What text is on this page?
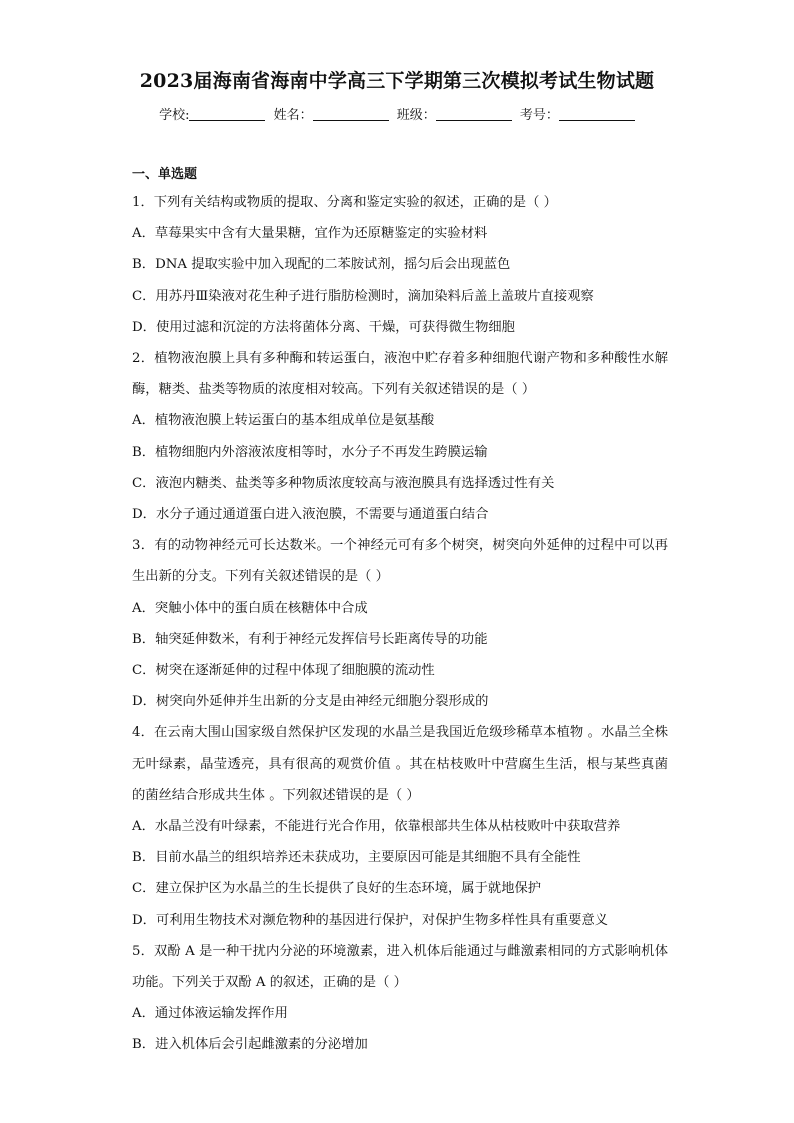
2023届海南省海南中学高三下学期第三次模拟考试生物试题
学校:	姓名：	班级：	考号：
一、单选题

1．下列有关结构或物质的提取、分离和鉴定实验的叙述，正确的是（ ）

A．草莓果实中含有大量果糖，宜作为还原糖鉴定的实验材料

B．DNA 提取实验中加入现配的二苯胺试剂，摇匀后会出现蓝色

C．用苏丹Ⅲ染液对花生种子进行脂肪检测时，滴加染料后盖上盖玻片直接观察

D．使用过滤和沉淀的方法将菌体分离、干燥，可获得微生物细胞

2．植物液泡膜上具有多种酶和转运蛋白，液泡中贮存着多种细胞代谢产物和多种酸性水解酶，糖类、盐类等物质的浓度相对较高。下列有关叙述错误的是（ ）

A．植物液泡膜上转运蛋白的基本组成单位是氨基酸

B．植物细胞内外溶液浓度相等时，水分子不再发生跨膜运输

C．液泡内糖类、盐类等多种物质浓度较高与液泡膜具有选择透过性有关

D．水分子通过通道蛋白进入液泡膜，不需要与通道蛋白结合

3．有的动物神经元可长达数米。一个神经元可有多个树突，树突向外延伸的过程中可以再生出新的分支。下列有关叙述错误的是（ ）

A．突触小体中的蛋白质在核糖体中合成

B．轴突延伸数米，有利于神经元发挥信号长距离传导的功能

C．树突在逐渐延伸的过程中体现了细胞膜的流动性

D．树突向外延伸并生出新的分支是由神经元细胞分裂形成的

4．在云南大围山国家级自然保护区发现的水晶兰是我国近危级珍稀草本植物 。水晶兰全株无叶绿素，晶莹透亮，具有很高的观赏价值 。其在枯枝败叶中营腐生生活，根与某些真菌的菌丝结合形成共生体 。下列叙述错误的是（ ）

A．水晶兰没有叶绿素，不能进行光合作用，依靠根部共生体从枯枝败叶中获取营养

B．目前水晶兰的组织培养还未获成功，主要原因可能是其细胞不具有全能性

C．建立保护区为水晶兰的生长提供了良好的生态环境，属于就地保护

D．可利用生物技术对濒危物种的基因进行保护，对保护生物多样性具有重要意义

5．双酚 A 是一种干扰内分泌的环境激素，进入机体后能通过与雌激素相同的方式影响机体功能。下列关于双酚 A 的叙述，正确的是（ ）

A．通过体液运输发挥作用

B．进入机体后会引起雌激素的分泌增加
